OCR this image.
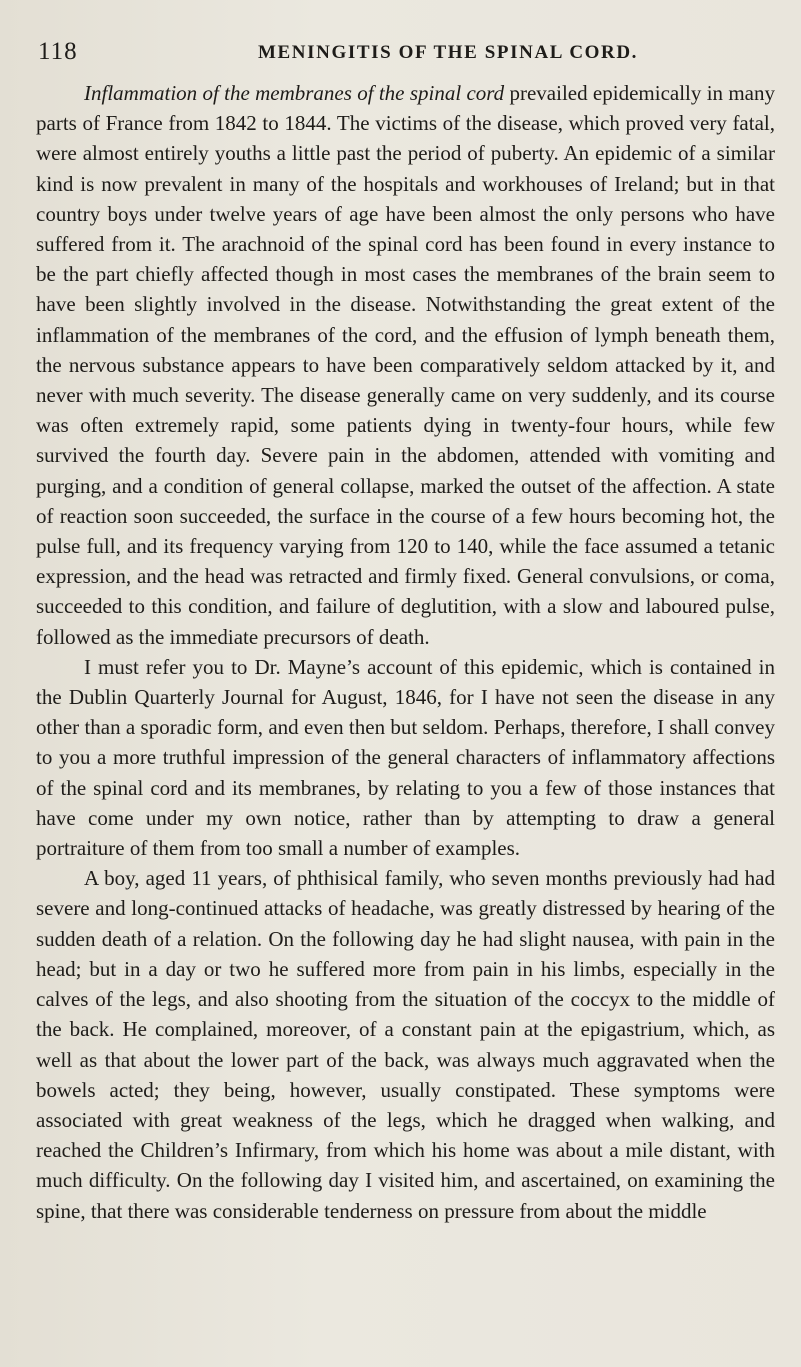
118	MENINGITIS OF THE SPINAL CORD.

Inflammation of the membranes of the spinal cord prevailed epidemically in many parts of France from 1842 to 1844. The victims of the disease, which proved very fatal, were almost entirely youths a little past the period of puberty. An epidemic of a similar kind is now prevalent in many of the hospitals and workhouses of Ireland; but in that country boys under twelve years of age have been almost the only persons who have suffered from it. The arachnoid of the spinal cord has been found in every instance to be the part chiefly affected though in most cases the membranes of the brain seem to have been slightly involved in the disease. Notwithstanding the great extent of the inflammation of the membranes of the cord, and the effusion of lymph beneath them, the nervous substance appears to have been comparatively seldom attacked by it, and never with much severity. The disease generally came on very suddenly, and its course was often extremely rapid, some patients dying in twenty-four hours, while few survived the fourth day. Severe pain in the abdomen, attended with vomiting and purging, and a condition of general collapse, marked the outset of the affection. A state of reaction soon succeeded, the surface in the course of a few hours becoming hot, the pulse full, and its frequency varying from 120 to 140, while the face assumed a tetanic expression, and the head was retracted and firmly fixed. General convulsions, or coma, succeeded to this condition, and failure of deglutition, with a slow and laboured pulse, followed as the immediate precursors of death.

I must refer you to Dr. Mayne’s account of this epidemic, which is contained in the Dublin Quarterly Journal for August, 1846, for I have not seen the disease in any other than a sporadic form, and even then but seldom. Perhaps, therefore, I shall convey to you a more truthful impression of the general characters of inflammatory affections of the spinal cord and its membranes, by relating to you a few of those instances that have come under my own notice, rather than by attempting to draw a general portraiture of them from too small a number of examples.

A boy, aged 11 years, of phthisical family, who seven months previously had had severe and long-continued attacks of headache, was greatly distressed by hearing of the sudden death of a relation. On the following day he had slight nausea, with pain in the head; but in a day or two he suffered more from pain in his limbs, especially in the calves of the legs, and also shooting from the situation of the coccyx to the middle of the back. He complained, moreover, of a constant pain at the epigastrium, which, as well as that about the lower part of the back, was always much aggravated when the bowels acted; they being, however, usually constipated. These symptoms were associated with great weakness of the legs, which he dragged when walking, and reached the Children’s Infirmary, from which his home was about a mile distant, with much difficulty. On the following day I visited him, and ascertained, on examining the spine, that there was considerable tenderness on pressure from about the middle
